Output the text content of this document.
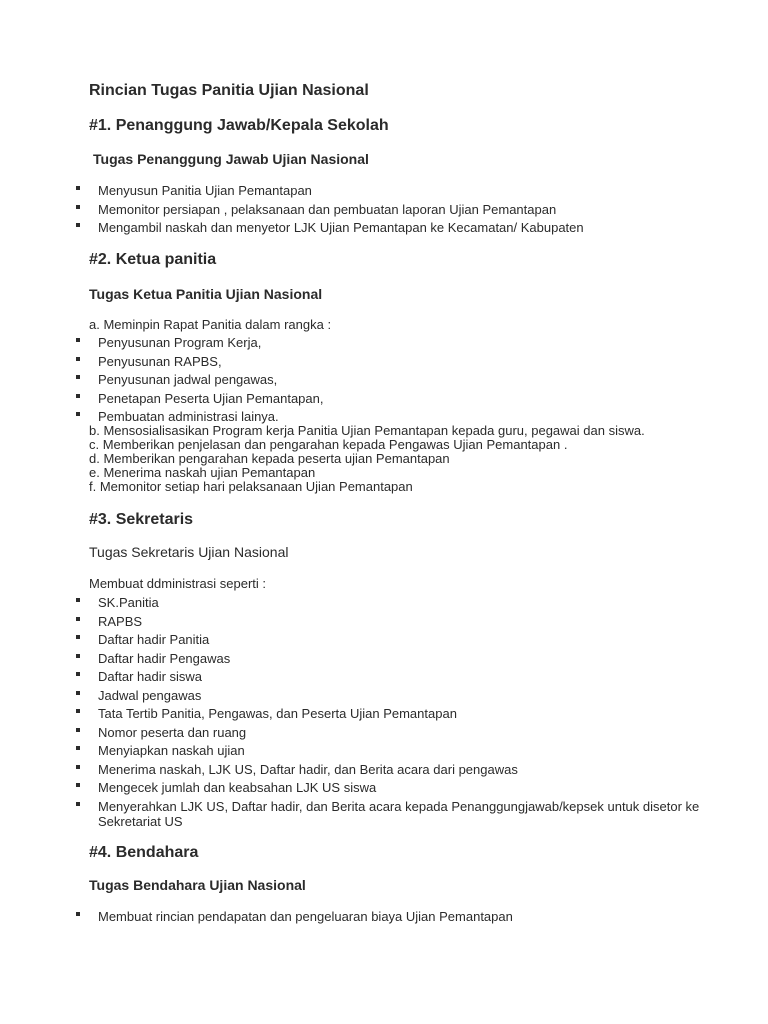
Rincian Tugas Panitia Ujian Nasional
#1. Penanggung Jawab/Kepala Sekolah
Tugas Penanggung Jawab Ujian Nasional
Menyusun Panitia Ujian Pemantapan
Memonitor persiapan , pelaksanaan dan pembuatan laporan Ujian Pemantapan
Mengambil naskah dan menyetor LJK Ujian Pemantapan ke Kecamatan/ Kabupaten
#2. Ketua panitia
Tugas Ketua Panitia Ujian Nasional

a. Meminpin Rapat Panitia dalam rangka :

Penyusunan Program Kerja,
Penyusunan RAPBS,
Penyusunan jadwal pengawas,
Penetapan Peserta Ujian Pemantapan,
Pembuatan administrasi lainya.
b. Mensosialisasikan Program kerja Panitia Ujian Pemantapan kepada guru, pegawai dan siswa.
c. Memberikan penjelasan dan pengarahan kepada Pengawas Ujian Pemantapan .
d. Memberikan pengarahan kepada peserta ujian Pemantapan
e. Menerima naskah ujian Pemantapan
f. Memonitor setiap hari pelaksanaan Ujian Pemantapan
#3. Sekretaris
Tugas Sekretaris Ujian Nasional

Membuat ddministrasi seperti :

SK.Panitia
RAPBS
Daftar hadir Panitia
Daftar hadir Pengawas
Daftar hadir siswa
Jadwal pengawas
Tata Tertib Panitia, Pengawas, dan Peserta Ujian Pemantapan
Nomor peserta dan ruang
Menyiapkan naskah ujian
Menerima naskah, LJK US, Daftar hadir, dan Berita acara dari pengawas
Mengecek jumlah dan keabsahan LJK US siswa
Menyerahkan LJK US, Daftar hadir, dan Berita acara kepada Penanggungjawab/kepsek untuk disetor ke Sekretariat US
#4. Bendahara
Tugas Bendahara Ujian Nasional
Membuat rincian pendapatan dan pengeluaran biaya Ujian Pemantapan
